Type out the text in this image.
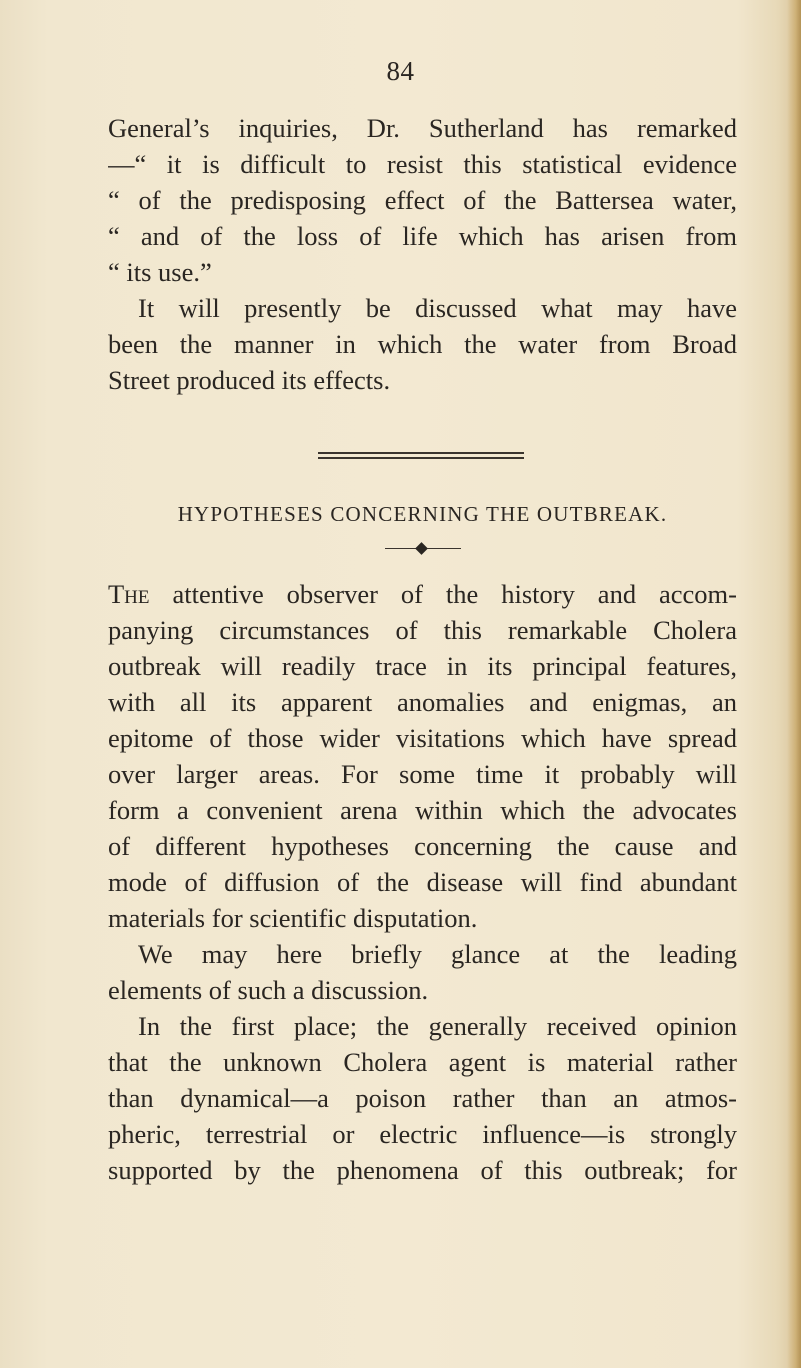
84
General’s inquiries, Dr. Sutherland has remarked
—“ it is difficult to resist this statistical evidence
“ of the predisposing effect of the Battersea water,
“ and of the loss of life which has arisen from
“ its use.”
It will presently be discussed what may have
been the manner in which the water from Broad
Street produced its effects.
HYPOTHESES CONCERNING THE OUTBREAK.
The attentive observer of the history and accom-
panying circumstances of this remarkable Cholera
outbreak will readily trace in its principal features,
with all its apparent anomalies and enigmas, an
epitome of those wider visitations which have spread
over larger areas. For some time it probably will
form a convenient arena within which the advocates
of different hypotheses concerning the cause and
mode of diffusion of the disease will find abundant
materials for scientific disputation.
We may here briefly glance at the leading
elements of such a discussion.
In the first place; the generally received opinion
that the unknown Cholera agent is material rather
than dynamical—a poison rather than an atmos-
pheric, terrestrial or electric influence—is strongly
supported by the phenomena of this outbreak; for
